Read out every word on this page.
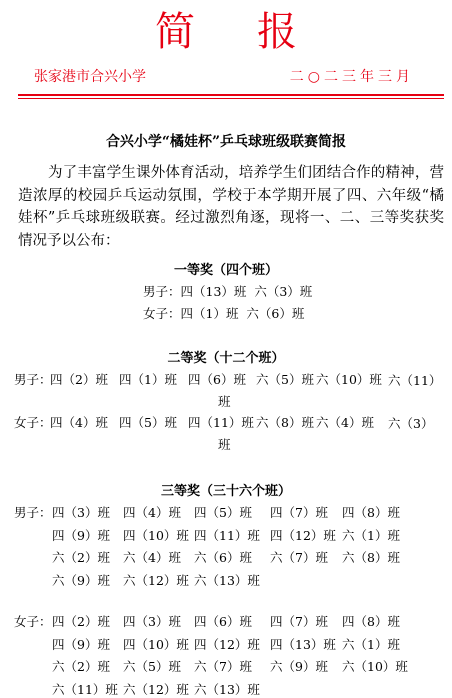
简报
张家港市合兴小学	二○二三年三月
合兴小学“橘娃杯”乒乓球班级联赛简报
为了丰富学生课外体育活动，培养学生们团结合作的精神，营造浓厚的校园乒乓运动氛围，学校于本学期开展了四、六年级“橘娃杯”乒乓球班级联赛。经过激烈角逐，现将一、二、三等奖获奖情况予以公布：
一等奖（四个班）
男子：四（13）班  六（3）班
女子：四（1）班  六（6）班
二等奖（十二个班）
男子：
四（2）班 四（1）班 四（6）班 六（5）班 六（10）班 六（11）
班
女子：
四（4）班 四（5）班 四（11）班 六（8）班 六（4）班 六（3）
班
三等奖（三十六个班）
男子： 四（3）班 四（4）班 四（5）班 四（7）班 四（8）班
四（9）班 四（10）班 四（11）班 四（12）班 六（1）班
六（2）班 六（4）班 六（6）班 六（7）班 六（8）班
六（9）班 六（12）班 六（13）班
女子： 四（2）班 四（3）班 四（6）班 四（7）班 四（8）班
四（9）班 四（10）班 四（12）班 四（13）班 六（1）班
六（2）班 六（5）班 六（7）班 六（9）班 六（10）班
六（11）班 六（12）班 六（13）班
